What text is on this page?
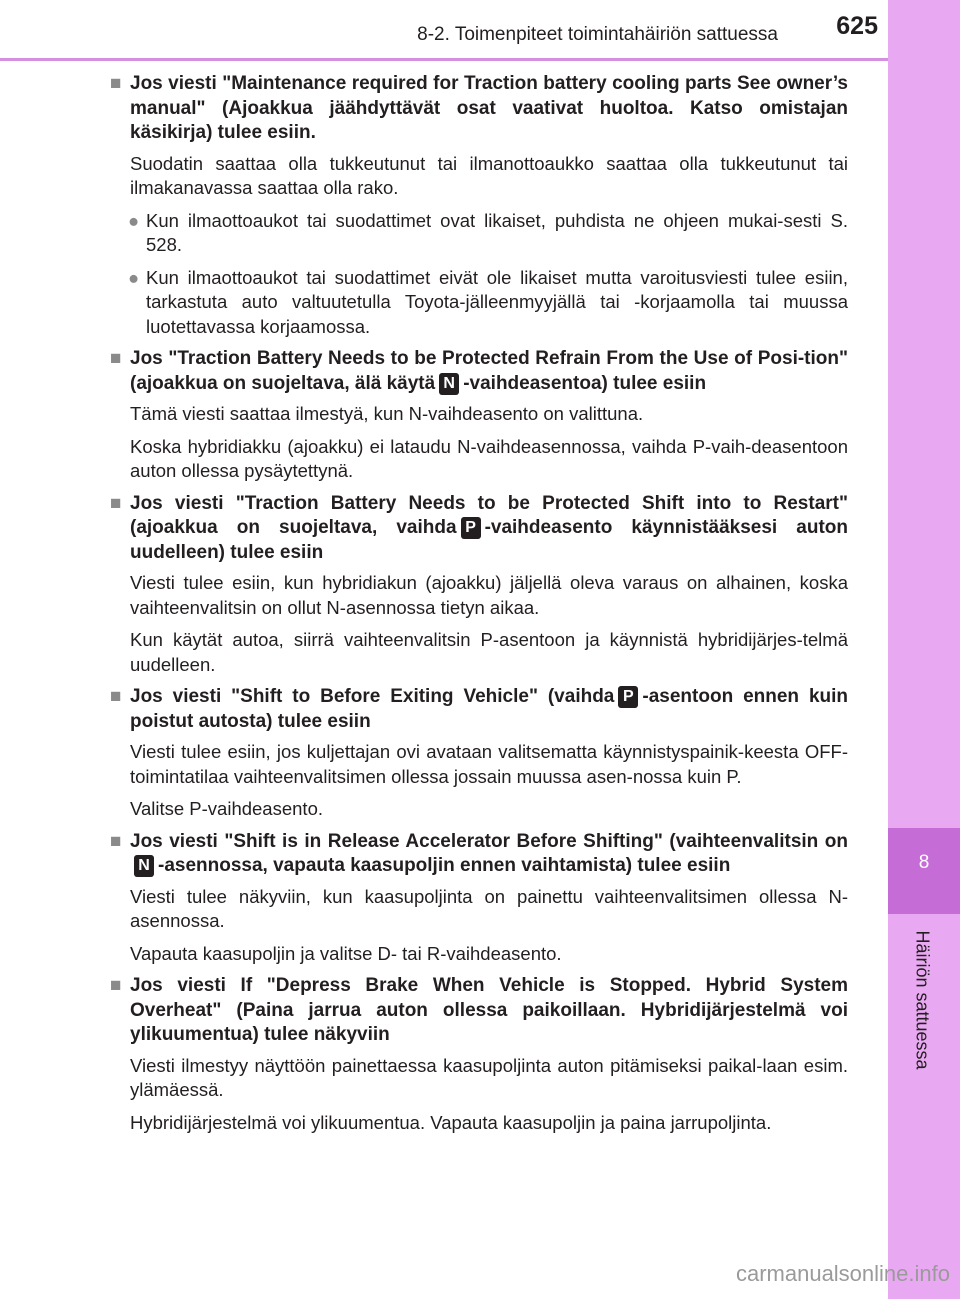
8-2. Toimenpiteet toimintahäiriön sattuessa 625
8
Häiriön sattuessa
■ Jos viesti "Maintenance required for Traction battery cooling parts See owner’s manual" (Ajoakkua jäähdyttävät osat vaativat huoltoa. Katso omistajan käsikirja) tulee esiin.
Suodatin saattaa olla tukkeutunut tai ilmanottoaukko saattaa olla tukkeutunut tai ilmakanavassa saattaa olla rako.
● Kun ilmaottoaukot tai suodattimet ovat likaiset, puhdista ne ohjeen mukai-sesti S. 528.
● Kun ilmaottoaukot tai suodattimet eivät ole likaiset mutta varoitusviesti tulee esiin, tarkastuta auto valtuutetulla Toyota-jälleenmyyjällä tai -korjaamolla tai muussa luotettavassa korjaamossa.
■ Jos "Traction Battery Needs to be Protected Refrain From the Use of Posi-tion" (ajoakkua on suojeltava, älä käytä N -vaihdeasentoa) tulee esiin
Tämä viesti saattaa ilmestyä, kun N-vaihdeasento on valittuna.
Koska hybridiakku (ajoakku) ei lataudu N-vaihdeasennossa, vaihda P-vaih-deasentoon auton ollessa pysäytettynä.
■ Jos viesti "Traction Battery Needs to be Protected Shift into to Restart" (ajoakkua on suojeltava, vaihda P -vaihdeasento käynnistääksesi auton uudelleen) tulee esiin
Viesti tulee esiin, kun hybridiakun (ajoakku) jäljellä oleva varaus on alhainen, koska vaihteenvalitsin on ollut N-asennossa tietyn aikaa.
Kun käytät autoa, siirrä vaihteenvalitsin P-asentoon ja käynnistä hybridijärjes-telmä uudelleen.
■ Jos viesti "Shift to Before Exiting Vehicle" (vaihda P -asentoon ennen kuin poistut autosta) tulee esiin
Viesti tulee esiin, jos kuljettajan ovi avataan valitsematta käynnistyspainik-keesta OFF-toimintatilaa vaihteenvalitsimen ollessa jossain muussa asen-nossa kuin P.
Valitse P-vaihdeasento.
■ Jos viesti "Shift is in Release Accelerator Before Shifting" (vaihteenvalitsin onN -asennossa, vapauta kaasupoljin ennen vaihtamista) tulee esiin
Viesti tulee näkyviin, kun kaasupoljinta on painettu vaihteenvalitsimen ollessa N-asennossa.
Vapauta kaasupoljin ja valitse D- tai R-vaihdeasento.
■ Jos viesti If "Depress Brake When Vehicle is Stopped. Hybrid System Overheat" (Paina jarrua auton ollessa paikoillaan. Hybridijärjestelmä voi ylikuumentua) tulee näkyviin
Viesti ilmestyy näyttöön painettaessa kaasupoljinta auton pitämiseksi paikal-laan esim. ylämäessä.
Hybridijärjestelmä voi ylikuumentua. Vapauta kaasupoljin ja paina jarrupoljinta.
carmanualsonline.info
